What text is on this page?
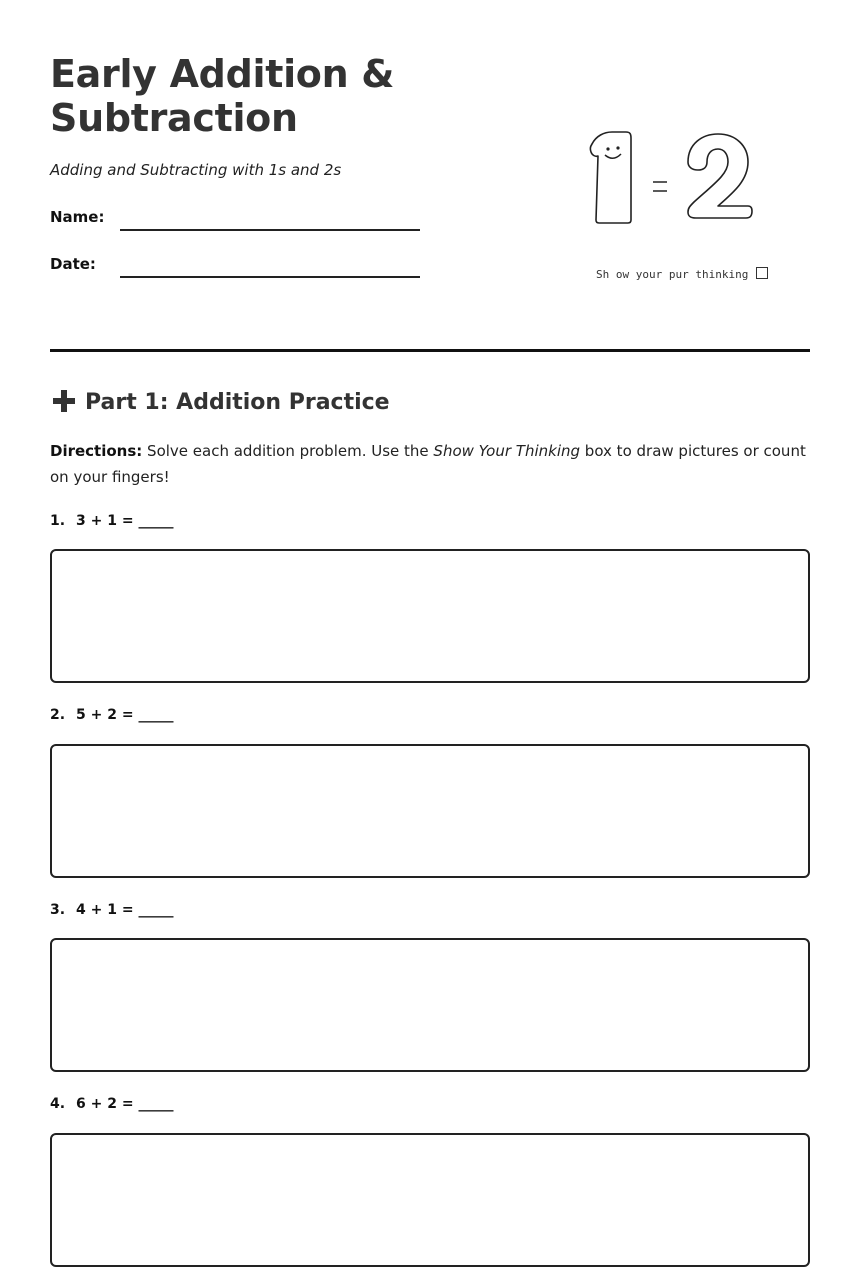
Early Addition & Subtraction

Adding and Subtracting with 1s and 2s

Name:
Date:
Sh ow your pur thinking
Part 1: Addition Practice

Directions: Solve each addition problem. Use the Show Your Thinking box to draw pictures or count on your fingers!

1. 3 + 1 = _____
2. 5 + 2 = _____
3. 4 + 1 = _____
4. 6 + 2 = _____
